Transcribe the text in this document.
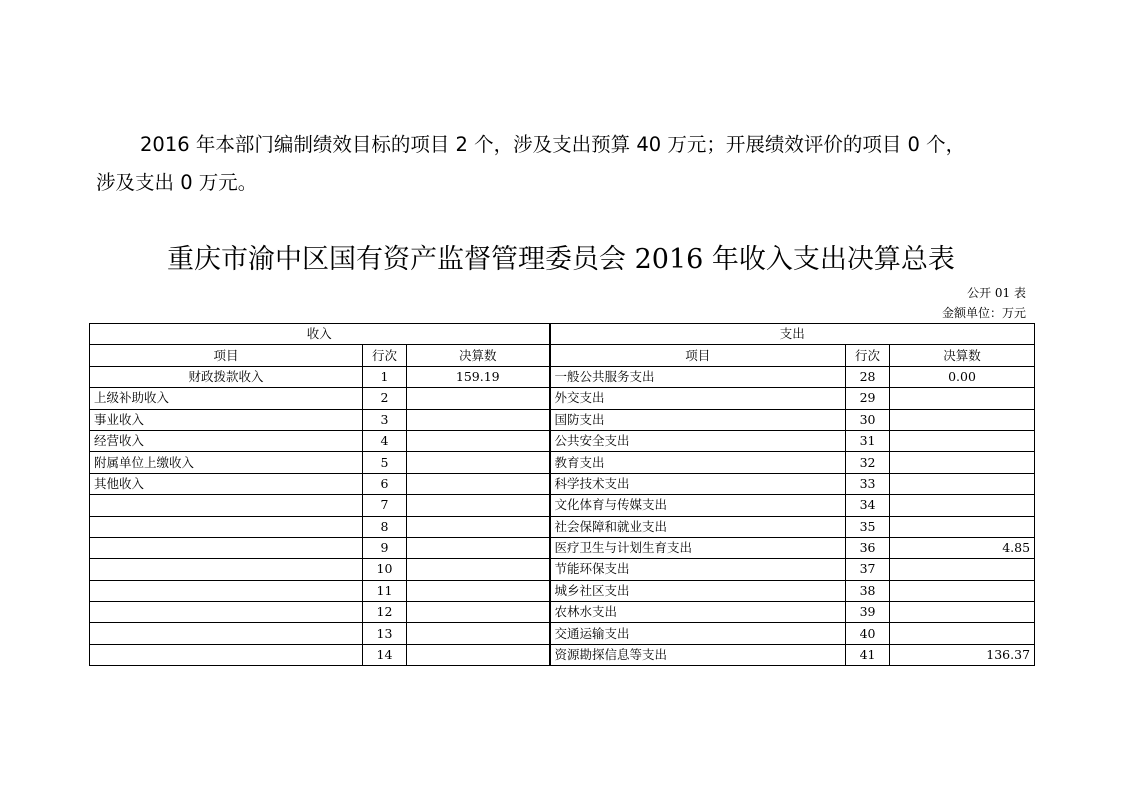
2016 年本部门编制绩效目标的项目 2 个，涉及支出预算 40 万元；开展绩效评价的项目 0 个，
涉及支出 0 万元。
重庆市渝中区国有资产监督管理委员会 2016 年收入支出决算总表
公开 01 表
金额单位：万元
收入			支出		
项目	行次	决算数	项目	行次	决算数
财政拨款收入	1	159.19	一般公共服务支出	28	0.00
上级补助收入	2		外交支出	29	
事业收入	3		国防支出	30	
经营收入	4		公共安全支出	31	
附属单位上缴收入	5		教育支出	32	
其他收入	6		科学技术支出	33	
	7		文化体育与传媒支出	34	
	8		社会保障和就业支出	35	
	9		医疗卫生与计划生育支出	36	4.85
	10		节能环保支出	37	
	11		城乡社区支出	38	
	12		农林水支出	39	
	13		交通运输支出	40	
	14		资源勘探信息等支出	41	136.37
